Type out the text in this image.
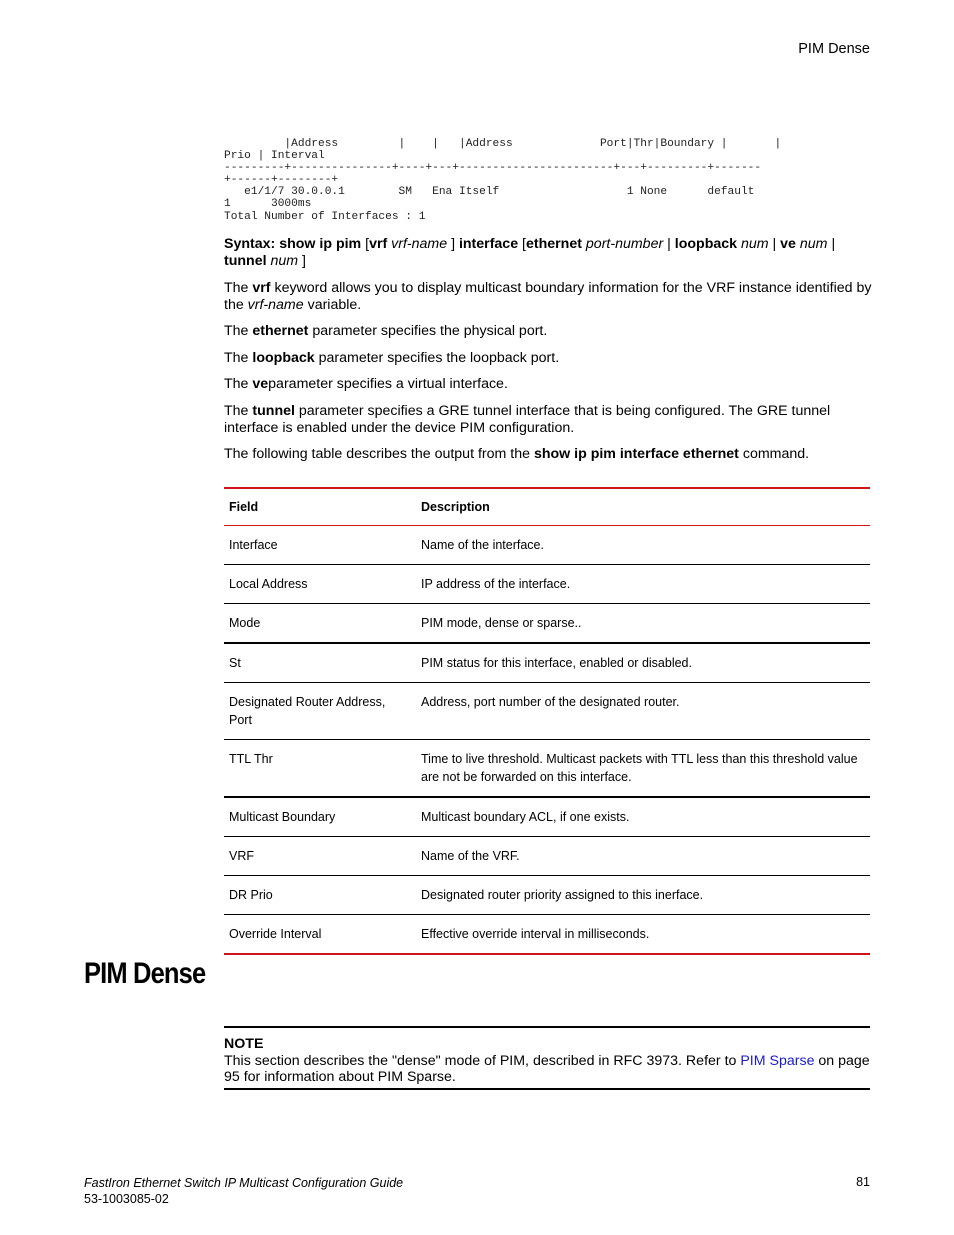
PIM Dense
|Address         |    |   |Address             Port|Thr|Boundary |       |
Prio | Interval
---------+---------------+----+---+-----------------------+---+---------+-------
+------+--------+
e1/1/7 30.0.0.1        SM   Ena Itself                   1 None      default
1      3000ms
Total Number of Interfaces : 1

Syntax: show ip pim [vrf vrf-name ] interface [ethernet port-number | loopback num | ve num |
tunnel num ]

The vrf keyword allows you to display multicast boundary information for the VRF instance identified by the vrf-name variable.

The ethernet parameter specifies the physical port.

The loopback parameter specifies the loopback port.

The veparameter specifies a virtual interface.

The tunnel parameter specifies a GRE tunnel interface that is being configured. The GRE tunnel interface is enabled under the device PIM configuration.

The following table describes the output from the show ip pim interface ethernet command.

Field	Description
Interface	Name of the interface.
Local Address	IP address of the interface.
Mode	PIM mode, dense or sparse..
St	PIM status for this interface, enabled or disabled.
Designated Router Address, Port	Address, port number of the designated router.
TTL Thr	Time to live threshold. Multicast packets with TTL less than this threshold value are not be forwarded on this interface.
Multicast Boundary	Multicast boundary ACL, if one exists.
VRF	Name of the VRF.
DR Prio	Designated router priority assigned to this inerface.
Override Interval	Effective override interval in milliseconds.
PIM Dense
NOTE
This section describes the "dense" mode of PIM, described in RFC 3973. Refer to PIM Sparse on page 95 for information about PIM Sparse.
FastIron Ethernet Switch IP Multicast Configuration Guide
53-1003085-02
81
